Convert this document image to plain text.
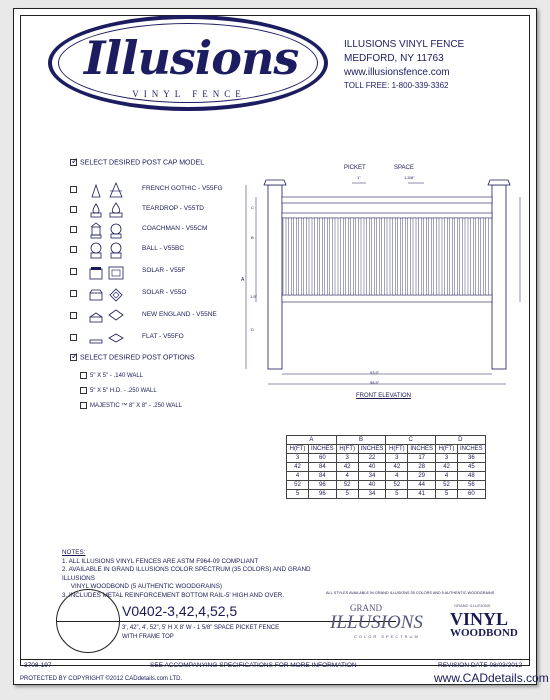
Illusions
VINYL FENCE
ILLUSIONS VINYL FENCE
MEDFORD, NY 11763
www.illusionsfence.com
TOLL FREE: 1-800-339-3362
✓ SELECT DESIRED POST CAP MODEL
FRENCH GOTHIC - V55FG
TEARDROP - V55TD
COACHMAN - V55CM
BALL - V55BC
SOLAR - V55F
SOLAR - V55O
NEW ENGLAND - V55NE
FLAT - V55FO
✓ SELECT DESIRED POST OPTIONS
5" X 5" - .140 WALL
5" X 5" H.D. - .250 WALL
MAJESTIC ™ 8" X 8" - .250 WALL
PICKET	SPACE
1"	1-5/8"
A
B
C
D
1.5"
93.5"
98.5"
FRONT ELEVATION
A		B		C		D	
H(FT)	INCHES	H(FT)	INCHES	H(FT)	INCHES	H(FT)	INCHES
3	60	3	22	3	17	3	36
42	84	42	40	42	28	42	45
4	84	4	34	4	29	4	48
52	96	52	40	52	44	52	56
5	96	5	34	5	41	5	60
NOTES:
1. ALL ILLUSIONS VINYL FENCES ARE ASTM F964-09 COMPLIANT
2. AVAILABLE IN GRAND ILLUSIONS COLOR SPECTRUM (35 COLORS) AND GRAND ILLUSIONS
VINYL WOODBOND (5 AUTHENTIC WOODGRAINS)
3. INCLUDES METAL REINFORCEMENT BOTTOM RAIL-5' HIGH AND OVER.
V0402-3,42,4,52,5
3', 42", 4', 52", 5' H X 8' W - 1 5/8" SPACE PICKET FENCE
WITH FRAME TOP
ALL STYLES AVAILABLE IN GRAND ILLUSIONS 35 COLORS AND 5 AUTHENTIC WOODGRAINS
GRAND
ILLUSIONS
COLOR SPECTRUM
GRAND ILLUSIONS
VINYL
WOODBOND
3708-197	SEE ACCOMPANYING SPECIFICATIONS FOR MORE INFORMATION	REVISION DATE 08/03/2012
PROTECTED BY COPYRIGHT ©2012 CADdetails.com LTD.	www.CADdetails.com
